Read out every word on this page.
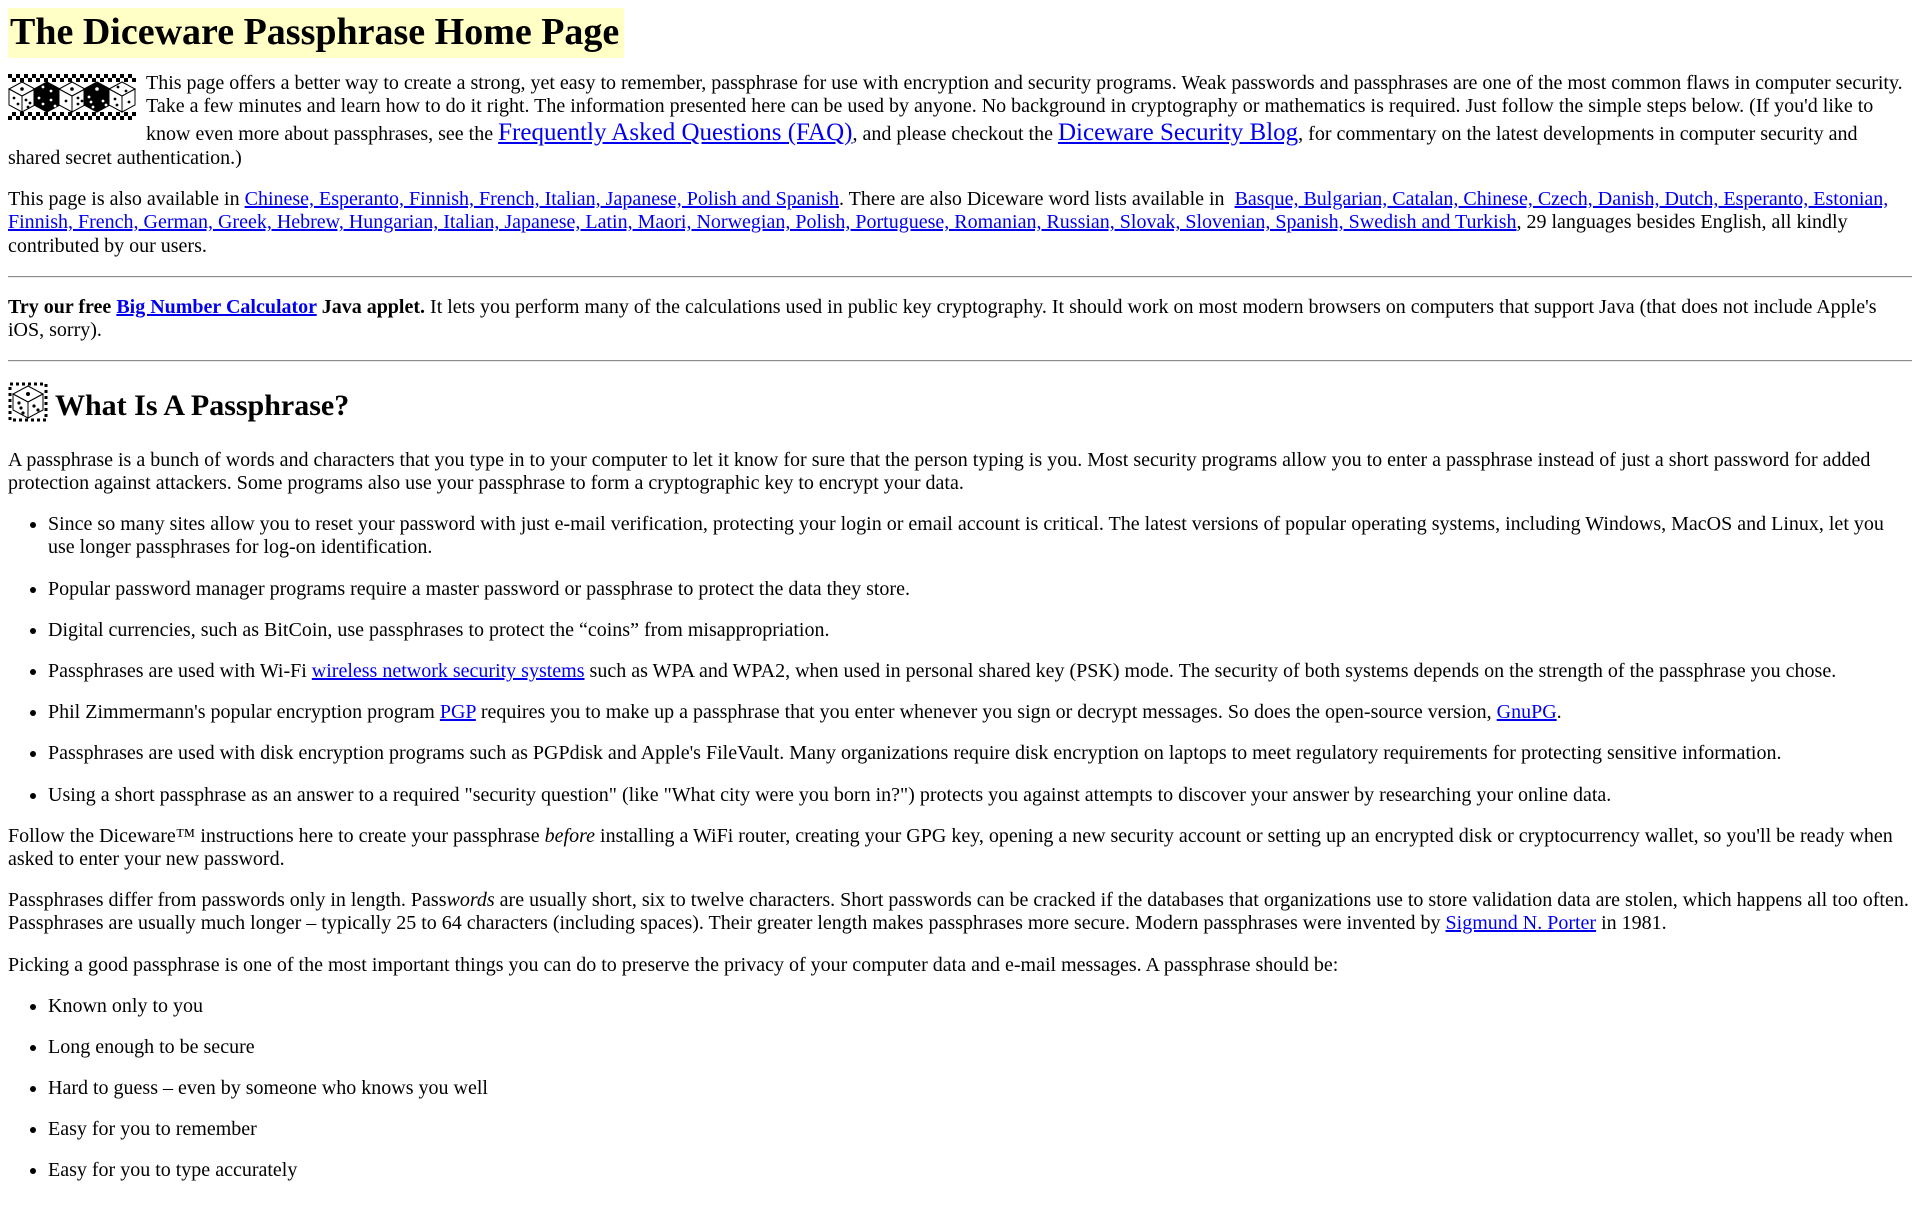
The Diceware Passphrase Home Page

This page offers a better way to create a strong, yet easy to remember, passphrase for use with encryption and security programs. Weak passwords and passphrases are one of the most common flaws in computer security. Take a few minutes and learn how to do it right. The information presented here can be used by anyone. No background in cryptography or mathematics is required. Just follow the simple steps below. (If you'd like to know even more about passphrases, see the Frequently Asked Questions (FAQ), and please checkout the Diceware Security Blog, for commentary on the latest developments in computer security and shared secret authentication.)

This page is also available in Chinese, Esperanto, Finnish, French, Italian, Japanese, Polish and Spanish. There are also Diceware word lists available in  Basque, Bulgarian, Catalan, Chinese, Czech, Danish, Dutch, Esperanto, Estonian, Finnish, French, German, Greek, Hebrew, Hungarian, Italian, Japanese, Latin, Maori, Norwegian, Polish, Portuguese, Romanian, Russian, Slovak, Slovenian, Spanish, Swedish and Turkish, 29 languages besides English, all kindly contributed by our users.

Try our free Big Number Calculator Java applet. It lets you perform many of the calculations used in public key cryptography. It should work on most modern browsers on computers that support Java (that does not include Apple's iOS, sorry).

What Is A Passphrase?

A passphrase is a bunch of words and characters that you type in to your computer to let it know for sure that the person typing is you. Most security programs allow you to enter a passphrase instead of just a short password for added protection against attackers. Some programs also use your passphrase to form a cryptographic key to encrypt your data.

• Since so many sites allow you to reset your password with just e-mail verification, protecting your login or email account is critical. The latest versions of popular operating systems, including Windows, MacOS and Linux, let you use longer passphrases for log-on identification.
• Popular password manager programs require a master password or passphrase to protect the data they store.
• Digital currencies, such as BitCoin, use passphrases to protect the “coins” from misappropriation.
• Passphrases are used with Wi-Fi wireless network security systems such as WPA and WPA2, when used in personal shared key (PSK) mode. The security of both systems depends on the strength of the passphrase you chose.
• Phil Zimmermann's popular encryption program PGP requires you to make up a passphrase that you enter whenever you sign or decrypt messages. So does the open-source version, GnuPG.
• Passphrases are used with disk encryption programs such as PGPdisk and Apple's FileVault. Many organizations require disk encryption on laptops to meet regulatory requirements for protecting sensitive information.
• Using a short passphrase as an answer to a required "security question" (like "What city were you born in?") protects you against attempts to discover your answer by researching your online data.

Follow the Diceware™ instructions here to create your passphrase before installing a WiFi router, creating your GPG key, opening a new security account or setting up an encrypted disk or cryptocurrency wallet, so you'll be ready when asked to enter your new password.

Passphrases differ from passwords only in length. Passwords are usually short, six to twelve characters. Short passwords can be cracked if the databases that organizations use to store validation data are stolen, which happens all too often. Passphrases are usually much longer – typically 25 to 64 characters (including spaces). Their greater length makes passphrases more secure. Modern passphrases were invented by Sigmund N. Porter in 1981.

Picking a good passphrase is one of the most important things you can do to preserve the privacy of your computer data and e-mail messages. A passphrase should be:

• Known only to you
• Long enough to be secure
• Hard to guess – even by someone who knows you well
• Easy for you to remember
• Easy for you to type accurately
